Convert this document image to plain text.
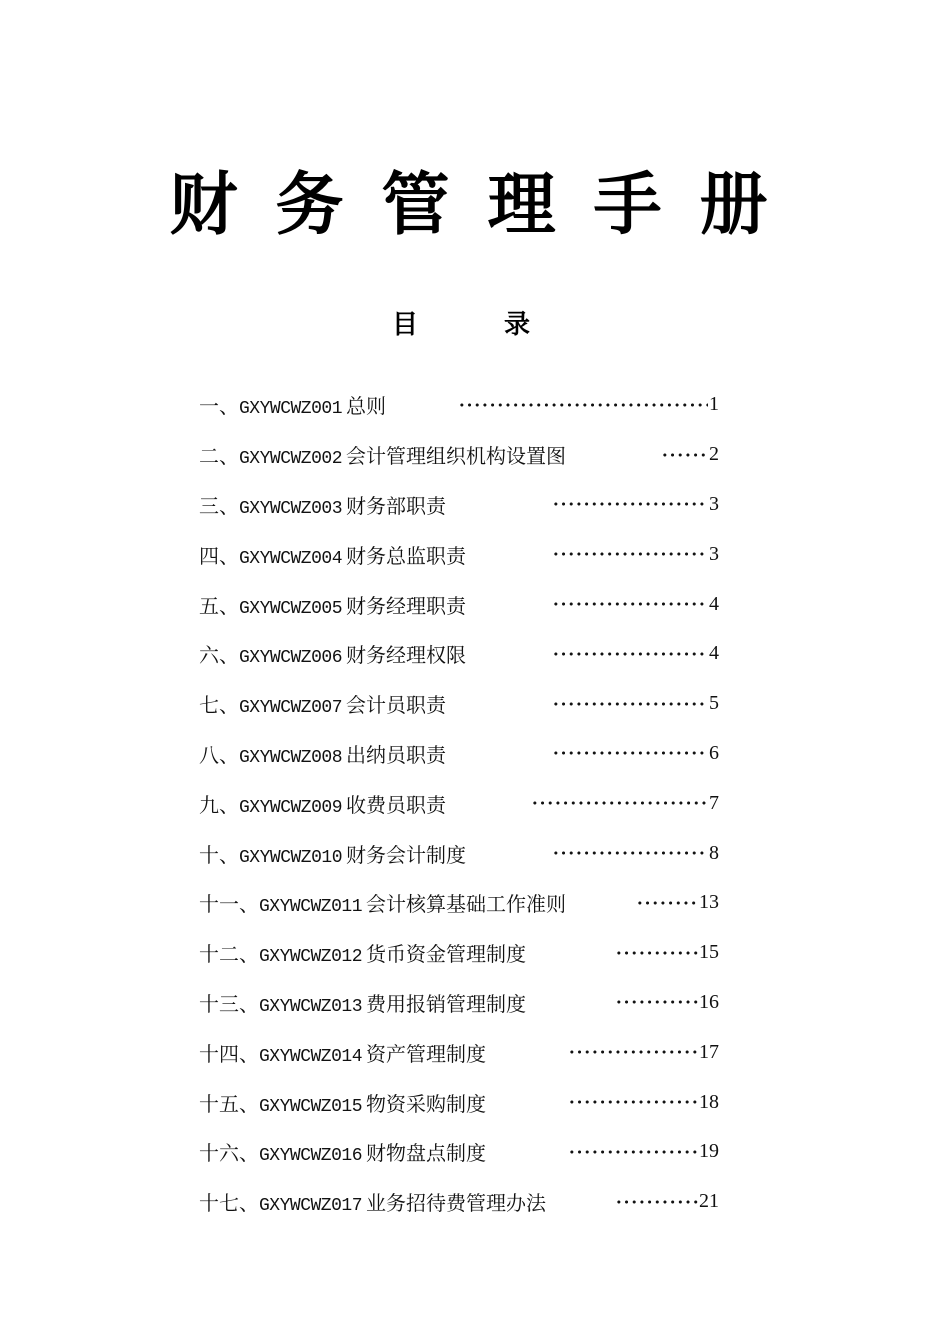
财务管理手册
目录
一、GXYWCWZ001 总则	1
二、GXYWCWZ002 会计管理组织机构设置图	2
三、GXYWCWZ003 财务部职责	3
四、GXYWCWZ004 财务总监职责	3
五、GXYWCWZ005 财务经理职责	4
六、GXYWCWZ006 财务经理权限	4
七、GXYWCWZ007 会计员职责	5
八、GXYWCWZ008 出纳员职责	6
九、GXYWCWZ009 收费员职责	7
十、GXYWCWZ010 财务会计制度	8
十一、GXYWCWZ011 会计核算基础工作准则	13
十二、GXYWCWZ012 货币资金管理制度	15
十三、GXYWCWZ013 费用报销管理制度	16
十四、GXYWCWZ014 资产管理制度	17
十五、GXYWCWZ015 物资采购制度	18
十六、GXYWCWZ016 财物盘点制度	19
十七、GXYWCWZ017 业务招待费管理办法	21
